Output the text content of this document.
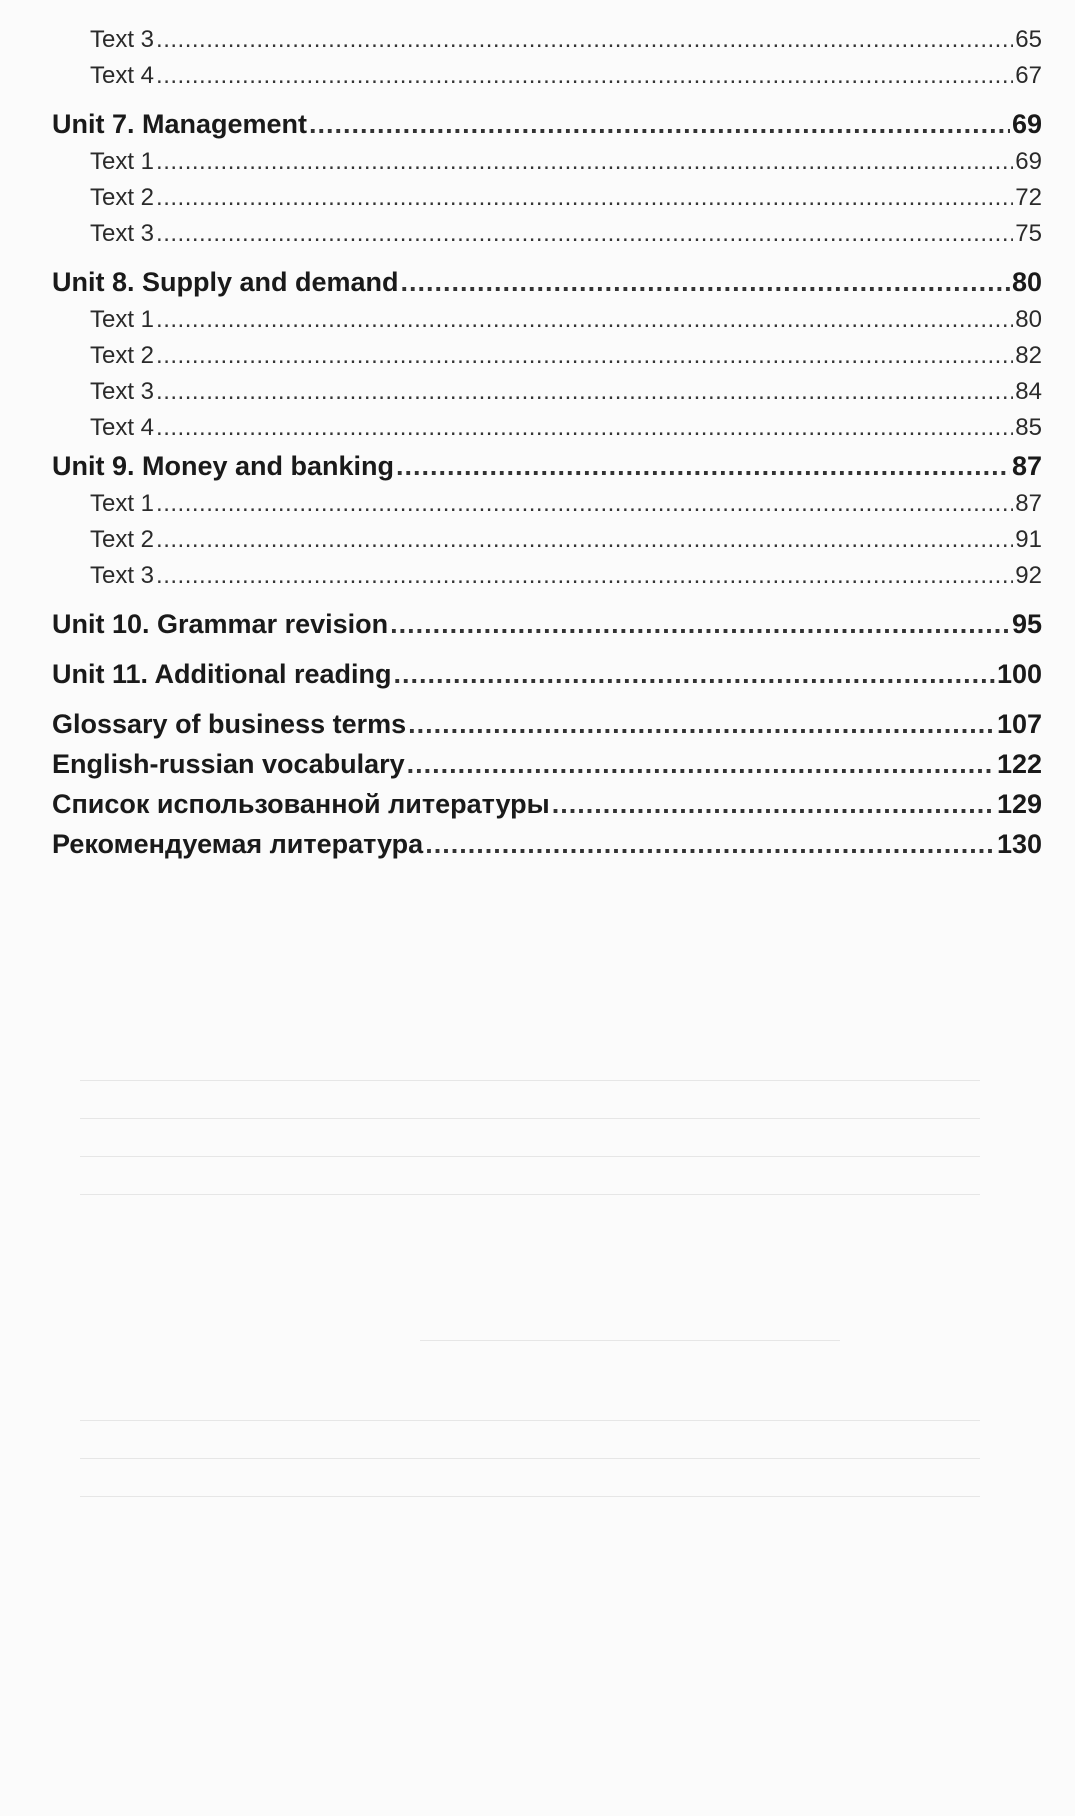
Text 3 .....	65
Text 4 .....	67
Unit 7. Management .....	69
Text 1 .....	69
Text 2 .....	72
Text 3 .....	75
Unit 8. Supply and demand .....	80
Text 1 .....	80
Text 2 .....	82
Text 3 .....	84
Text 4 .....	85
Unit 9. Money and banking .....	87
Text 1 .....	87
Text 2 .....	91
Text 3 .....	92
Unit 10. Grammar revision .....	95
Unit 11. Additional reading .....	100
Glossary of business terms .....	107
English-russian vocabulary .....	122
Список использованной литературы .....	129
Рекомендуемая литература .....	130
